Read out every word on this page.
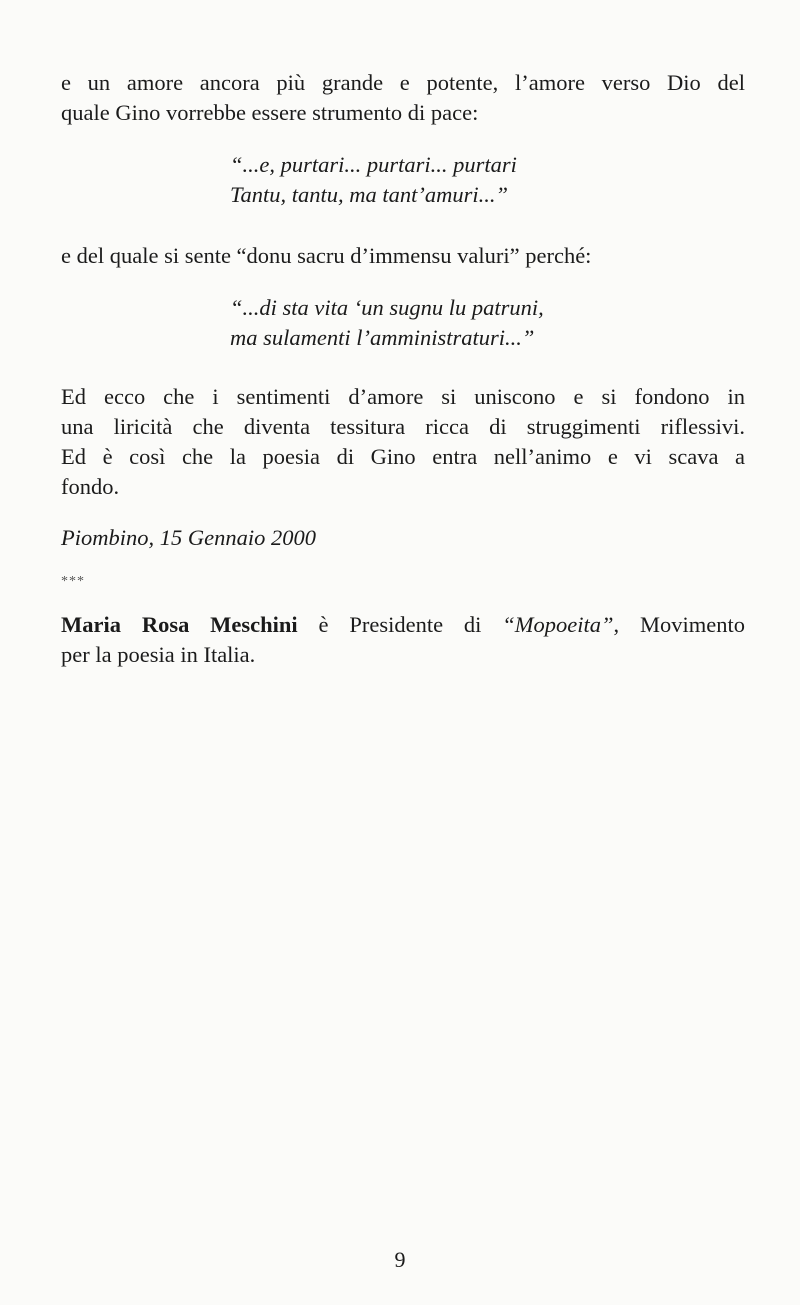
e un amore ancora più grande e potente, l’amore verso Dio del
quale Gino vorrebbe essere strumento di pace:

“...e, purtari... purtari... purtari
Tantu, tantu, ma tant’amuri...”

e del quale si sente “donu sacru d’immensu valuri” perché:

“...di sta vita ‘un sugnu lu patruni,
ma sulamenti l’amministraturi...”

Ed ecco che i sentimenti d’amore si uniscono e si fondono in
una liricità che diventa tessitura ricca di struggimenti riflessivi.
Ed è così che la poesia di Gino entra nell’animo e vi scava a
fondo.

Piombino, 15 Gennaio 2000

***

Maria Rosa Meschini è Presidente di “Mopoeita”, Movimento
per la poesia in Italia.

9
